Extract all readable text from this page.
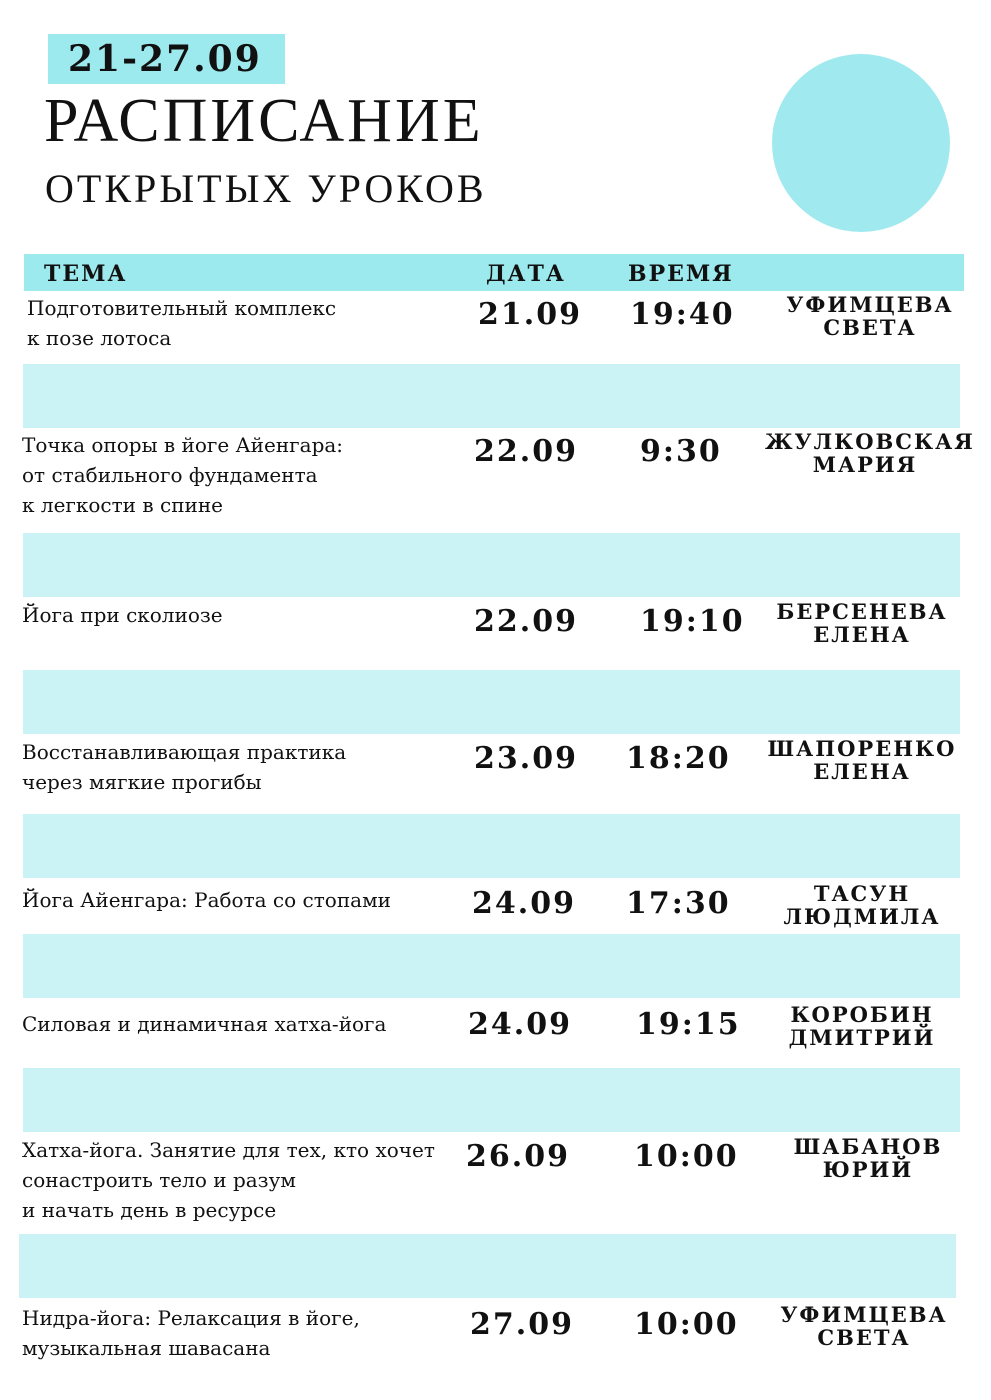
21-27.09
РАСПИСАНИЕ
ОТКРЫТЫХ УРОКОВ
ТЕМА	ДАТА	ВРЕМЯ
Подготовительный комплекс
к позе лотоса
21.09 19:40	УФИМЦЕВА
СВЕТА
Точка опоры в йоге Айенгара:
от стабильного фундамента
к легкости в спине
22.09 9:30 ЖУЛКОВСКАЯ
МАРИЯ
Йога при сколиозе	22.09 19:10	БЕРСЕНЕВА
ЕЛЕНА
Восстанавливающая практика
через мягкие прогибы
23.09 18:20 ШАПОРЕНКО
ЕЛЕНА
Йога Айенгара: Работа со стопами	24.09 17:30	ТАСУН
ЛЮДМИЛА
Силовая и динамичная хатха-йога	24.09 19:15	КОРОБИН
ДМИТРИЙ
Хатха-йога. Занятие для тех, кто хочет
сонастроить тело и разум
и начать день в ресурсе
26.09 10:00	ШАБАНОВ
ЮРИЙ
Нидра-йога: Релаксация в йоге,
музыкальная шавасана
27.09 10:00	УФИМЦЕВА
СВЕТА
